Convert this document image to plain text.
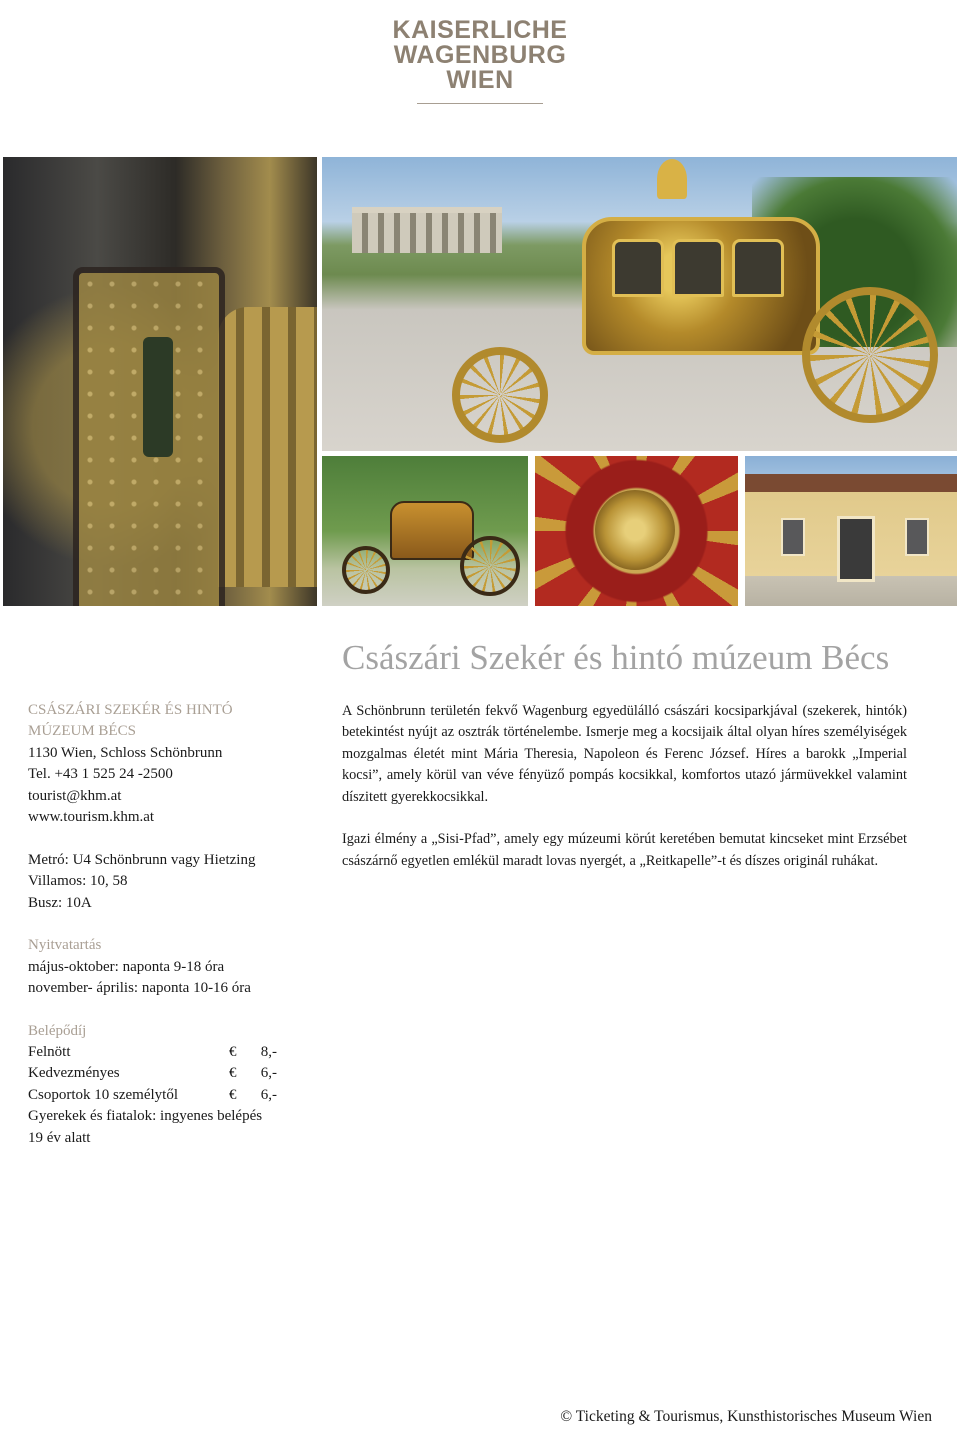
KAISERLICHE
WAGENBURG
WIEN
Császári Szekér és hintó múzeum Bécs
CSÁSZÁRI SZEKÉR ÉS HINTÓ
MÚZEUM BÉCS
1130 Wien, Schloss Schönbrunn
Tel. +43 1 525 24 -2500
tourist@khm.at
www.tourism.khm.at
Metró: U4 Schönbrunn vagy Hietzing
Villamos: 10, 58
Busz: 10A
Nyitvatartás
május-oktober: naponta 9-18 óra
november- április: naponta 10-16 óra
Belépődíj
Felnött	€	8,-
Kedvezményes	€	6,-
Csoportok 10 személytől	€	6,-
Gyerekek és fiatalok: ingyenes belépés
19 év alatt

A Schönbrunn területén fekvő Wagenburg egyedülálló császári kocsiparkjával (szekerek, hintók) betekintést nyújt az osztrák történelembe. Ismerje meg a kocsijaik által olyan híres személyiségek mozgalmas életét mint Mária Theresia, Napoleon és Ferenc József. Híres a barokk „Imperial kocsi”, amely körül van véve fényüző pompás kocsikkal, komfortos utazó jármüvekkel valamint díszitett gyerekkocsikkal.

Igazi élmény a „Sisi-Pfad”, amely egy múzeumi körút keretében bemutat kincseket mint Erzsébet császárnő egyetlen emlékül maradt lovas nyergét, a „Reitkapelle”-t és díszes originál ruhákat.

© Ticketing & Tourismus, Kunsthistorisches Museum Wien
